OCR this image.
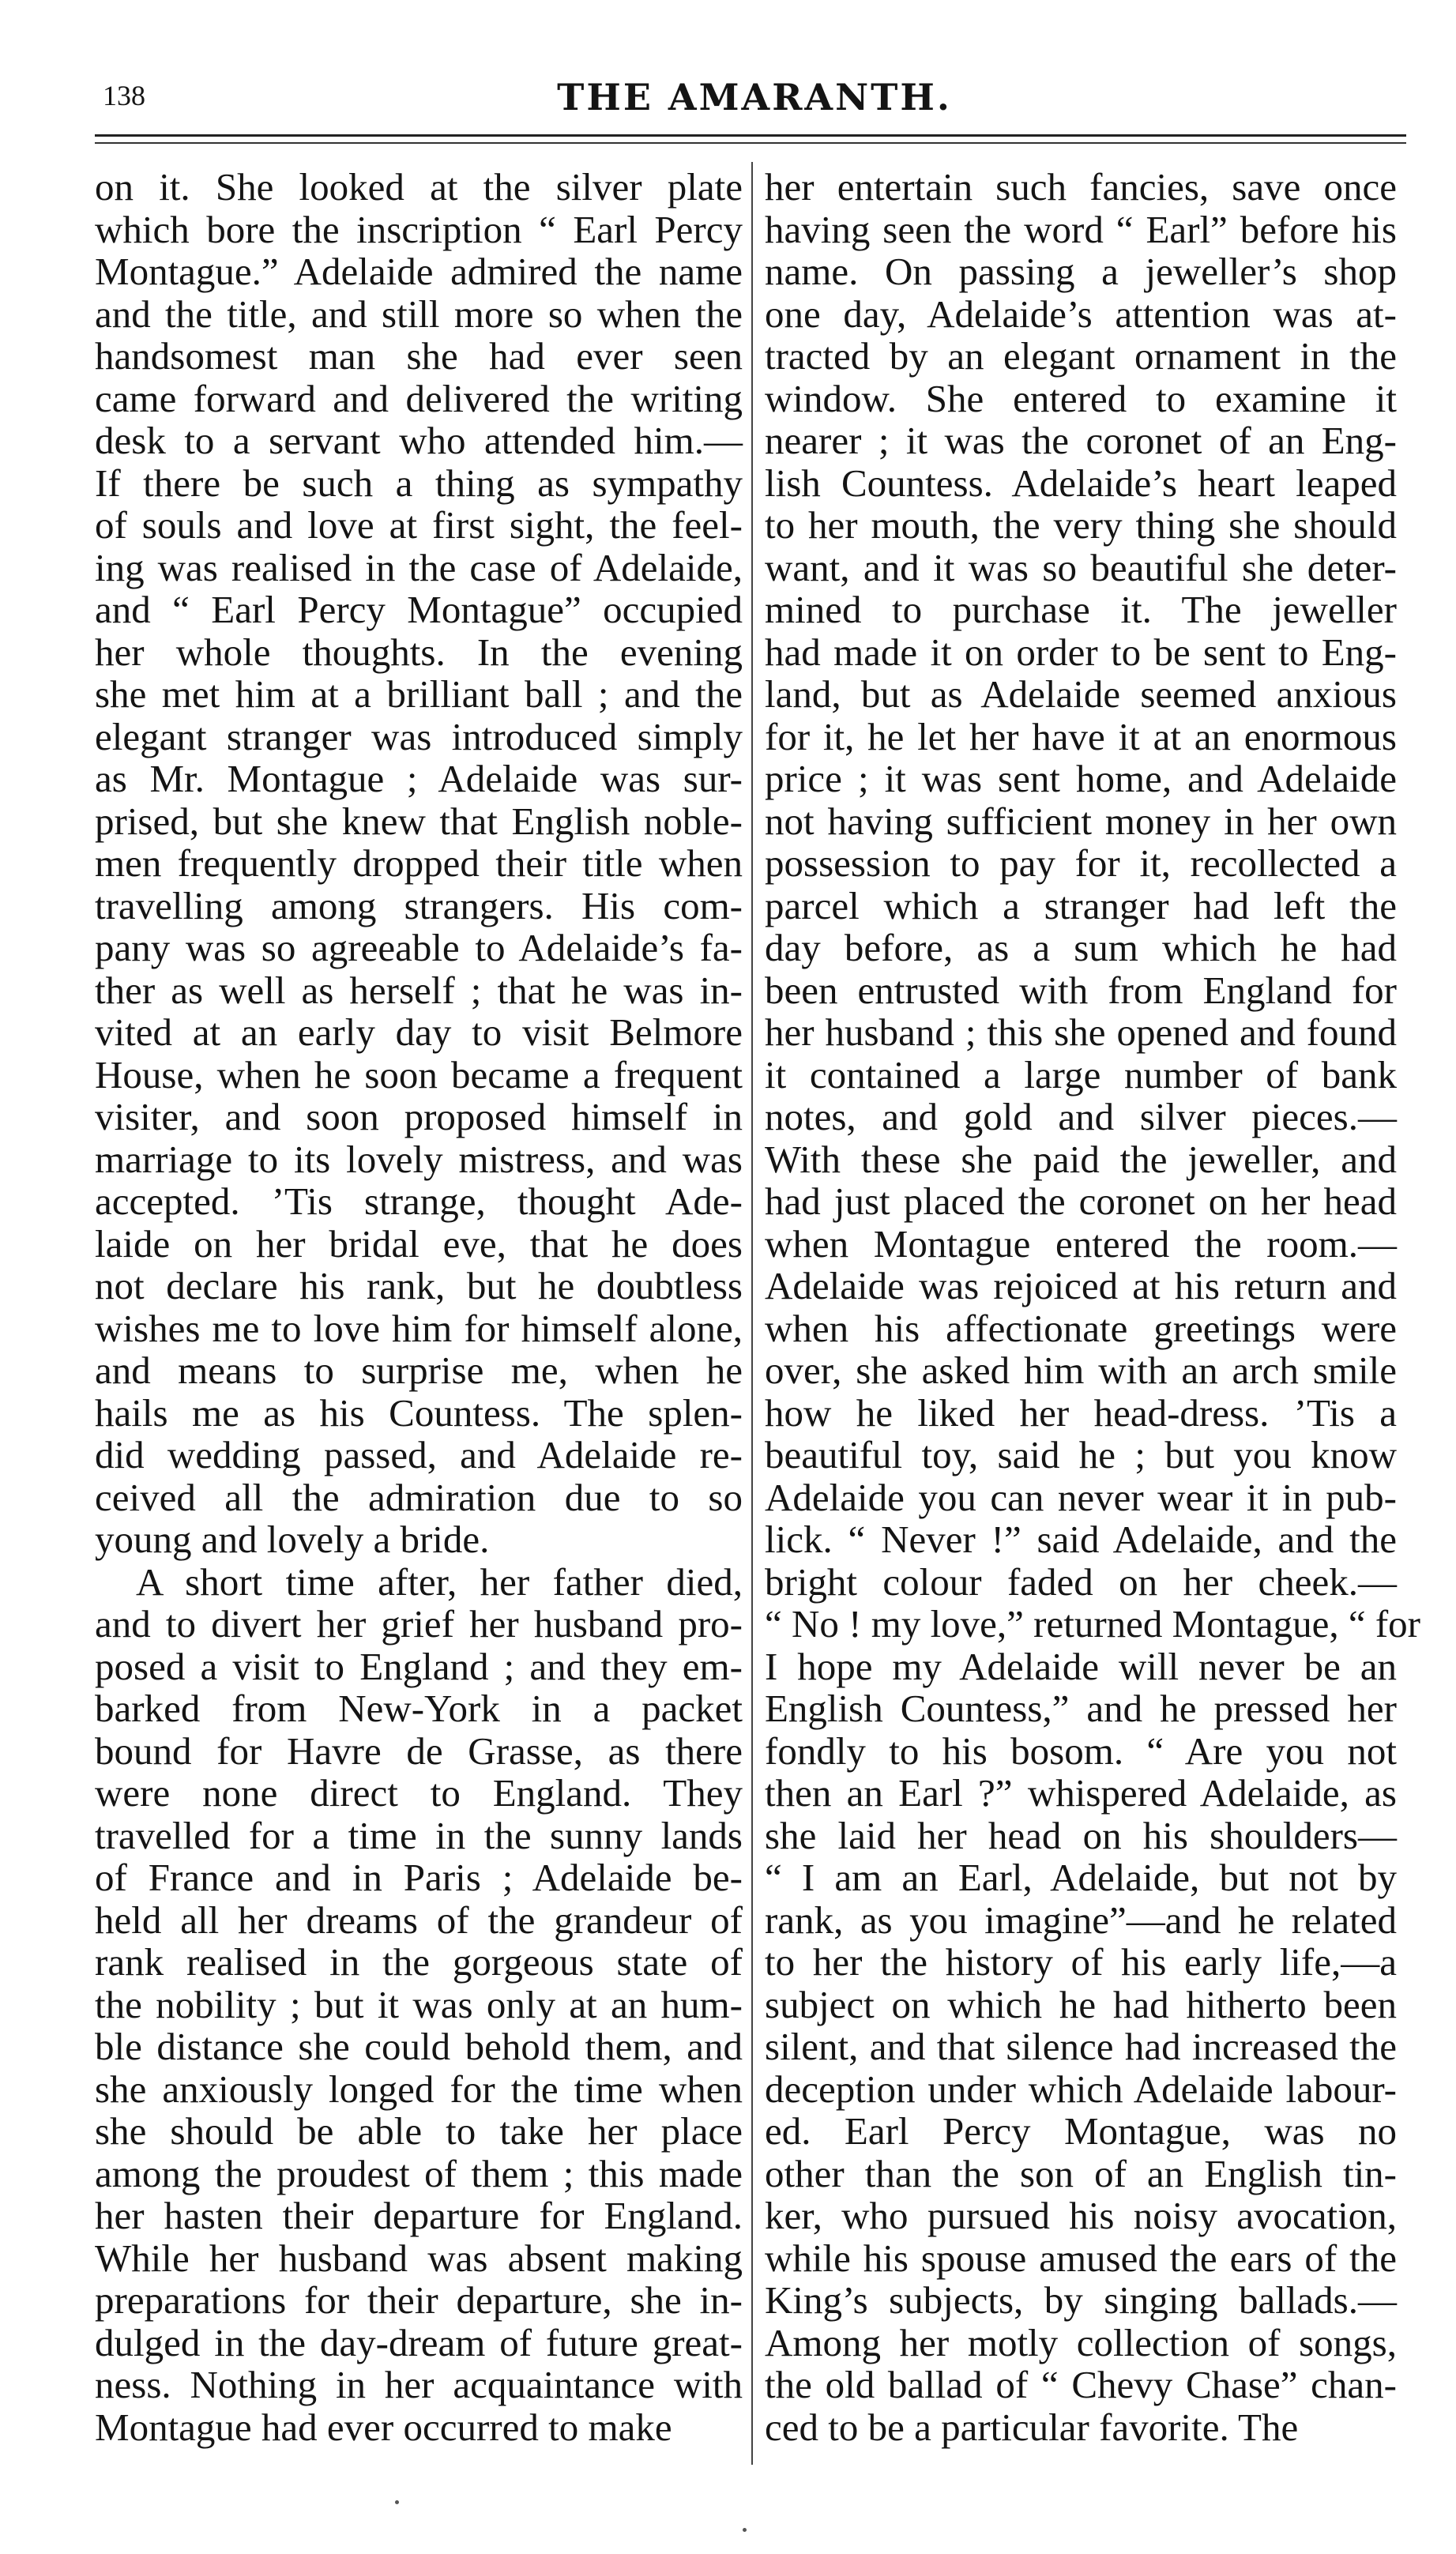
138	THE AMARANTH.
on it. She looked at the silver plate
which bore the inscription “ Earl Percy
Montague.” Adelaide admired the name
and the title, and still more so when the
handsomest man she had ever seen
came forward and delivered the writing
desk to a servant who attended him.—
If there be such a thing as sympathy
of souls and love at first sight, the feel-
ing was realised in the case of Adelaide,
and “ Earl Percy Montague” occupied
her whole thoughts. In the evening
she met him at a brilliant ball ; and the
elegant stranger was introduced simply
as Mr. Montague ; Adelaide was sur-
prised, but she knew that English noble-
men frequently dropped their title when
travelling among strangers. His com-
pany was so agreeable to Adelaide’s fa-
ther as well as herself ; that he was in-
vited at an early day to visit Belmore
House, when he soon became a frequent
visiter, and soon proposed himself in
marriage to its lovely mistress, and was
accepted. ’Tis strange, thought Ade-
laide on her bridal eve, that he does
not declare his rank, but he doubtless
wishes me to love him for himself alone,
and means to surprise me, when he
hails me as his Countess. The splen-
did wedding passed, and Adelaide re-
ceived all the admiration due to so
young and lovely a bride.
A short time after, her father died,
and to divert her grief her husband pro-
posed a visit to England ; and they em-
barked from New-York in a packet
bound for Havre de Grasse, as there
were none direct to England. They
travelled for a time in the sunny lands
of France and in Paris ; Adelaide be-
held all her dreams of the grandeur of
rank realised in the gorgeous state of
the nobility ; but it was only at an hum-
ble distance she could behold them, and
she anxiously longed for the time when
she should be able to take her place
among the proudest of them ; this made
her hasten their departure for England.
While her husband was absent making
preparations for their departure, she in-
dulged in the day-dream of future great-
ness. Nothing in her acquaintance with
Montague had ever occurred to make
her entertain such fancies, save once
having seen the word “ Earl” before his
name. On passing a jeweller’s shop
one day, Adelaide’s attention was at-
tracted by an elegant ornament in the
window. She entered to examine it
nearer ; it was the coronet of an Eng-
lish Countess. Adelaide’s heart leaped
to her mouth, the very thing she should
want, and it was so beautiful she deter-
mined to purchase it. The jeweller
had made it on order to be sent to Eng-
land, but as Adelaide seemed anxious
for it, he let her have it at an enormous
price ; it was sent home, and Adelaide
not having sufficient money in her own
possession to pay for it, recollected a
parcel which a stranger had left the
day before, as a sum which he had
been entrusted with from England for
her husband ; this she opened and found
it contained a large number of bank
notes, and gold and silver pieces.—
With these she paid the jeweller, and
had just placed the coronet on her head
when Montague entered the room.—
Adelaide was rejoiced at his return and
when his affectionate greetings were
over, she asked him with an arch smile
how he liked her head-dress. ’Tis a
beautiful toy, said he ; but you know
Adelaide you can never wear it in pub-
lick. “ Never !” said Adelaide, and the
bright colour faded on her cheek.—
“ No ! my love,” returned Montague, “ for
I hope my Adelaide will never be an
English Countess,” and he pressed her
fondly to his bosom. “ Are you not
then an Earl ?” whispered Adelaide, as
she laid her head on his shoulders—
“ I am an Earl, Adelaide, but not by
rank, as you imagine”—and he related
to her the history of his early life,—a
subject on which he had hitherto been
silent, and that silence had increased the
deception under which Adelaide labour-
ed. Earl Percy Montague, was no
other than the son of an English tin-
ker, who pursued his noisy avocation,
while his spouse amused the ears of the
King’s subjects, by singing ballads.—
Among her motly collection of songs,
the old ballad of “ Chevy Chase” chan-
ced to be a particular favorite. The
